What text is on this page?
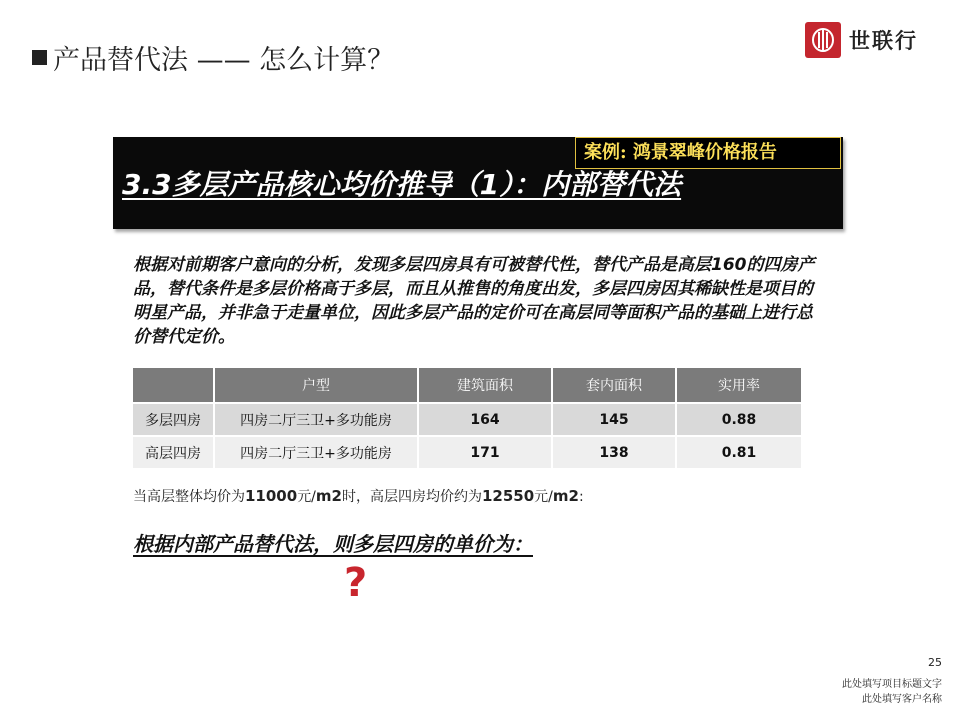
产品替代法 —— 怎么计算？
世联行
案例: 鸿景翠峰价格报告
3.3多层产品核心均价推导（1）：内部替代法
根据对前期客户意向的分析，发现多层四房具有可被替代性，替代产品是高层160的四房产品，替代条件是多层价格高于多层，而且从推售的角度出发，多层四房因其稀缺性是项目的明星产品，并非急于走量单位，因此多层产品的定价可在高层同等面积产品的基础上进行总价替代定价。
	户型	建筑面积	套内面积	实用率
多层四房	四房二厅三卫+多功能房	164	145	0.88
高层四房	四房二厅三卫+多功能房	171	138	0.81
当高层整体均价为11000元/m2时，高层四房均价约为12550元/m2:
根据内部产品替代法，则多层四房的单价为：
?
25
此处填写项目标题文字
此处填写客户名称
